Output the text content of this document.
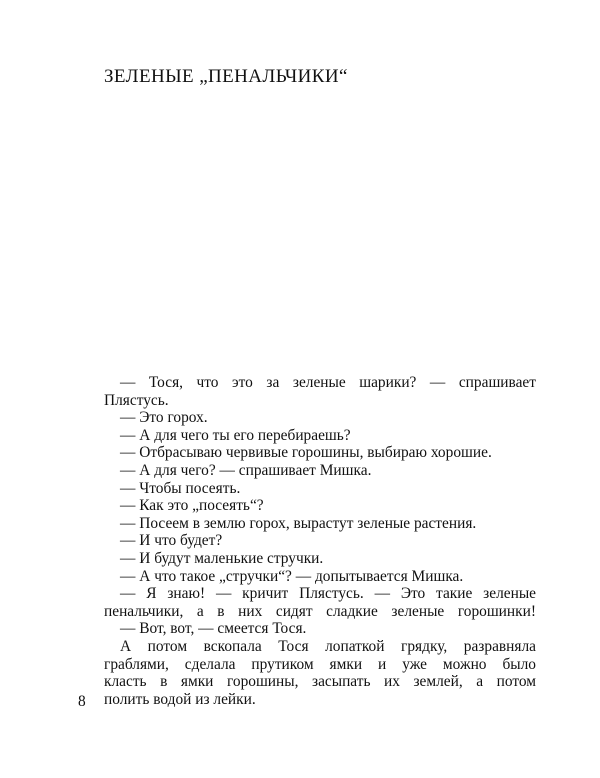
ЗЕЛЕНЫЕ „ПЕНАЛЬЧИКИ“
— Тося, что это за зеленые шарики? — спрашивает
Плястусь.
— Это горох.
— А для чего ты его перебираешь?
— Отбрасываю червивые горошины, выбираю хорошие.
— А для чего? — спрашивает Мишка.
— Чтобы посеять.
— Как это „посеять“?
— Посеем в землю горох, вырастут зеленые растения.
— И что будет?
— И будут маленькие стручки.
— А что такое „стручки“? — допытывается Мишка.
— Я знаю! — кричит Плястусь. — Это такие зеленые
пенальчики, а в них сидят сладкие зеленые горошинки!
— Вот, вот, — смеется Тося.
А потом вскопала Тося лопаткой грядку, разравняла
граблями, сделала прутиком ямки и уже можно было
класть в ямки горошины, засыпать их землей, а потом
полить водой из лейки.
8
